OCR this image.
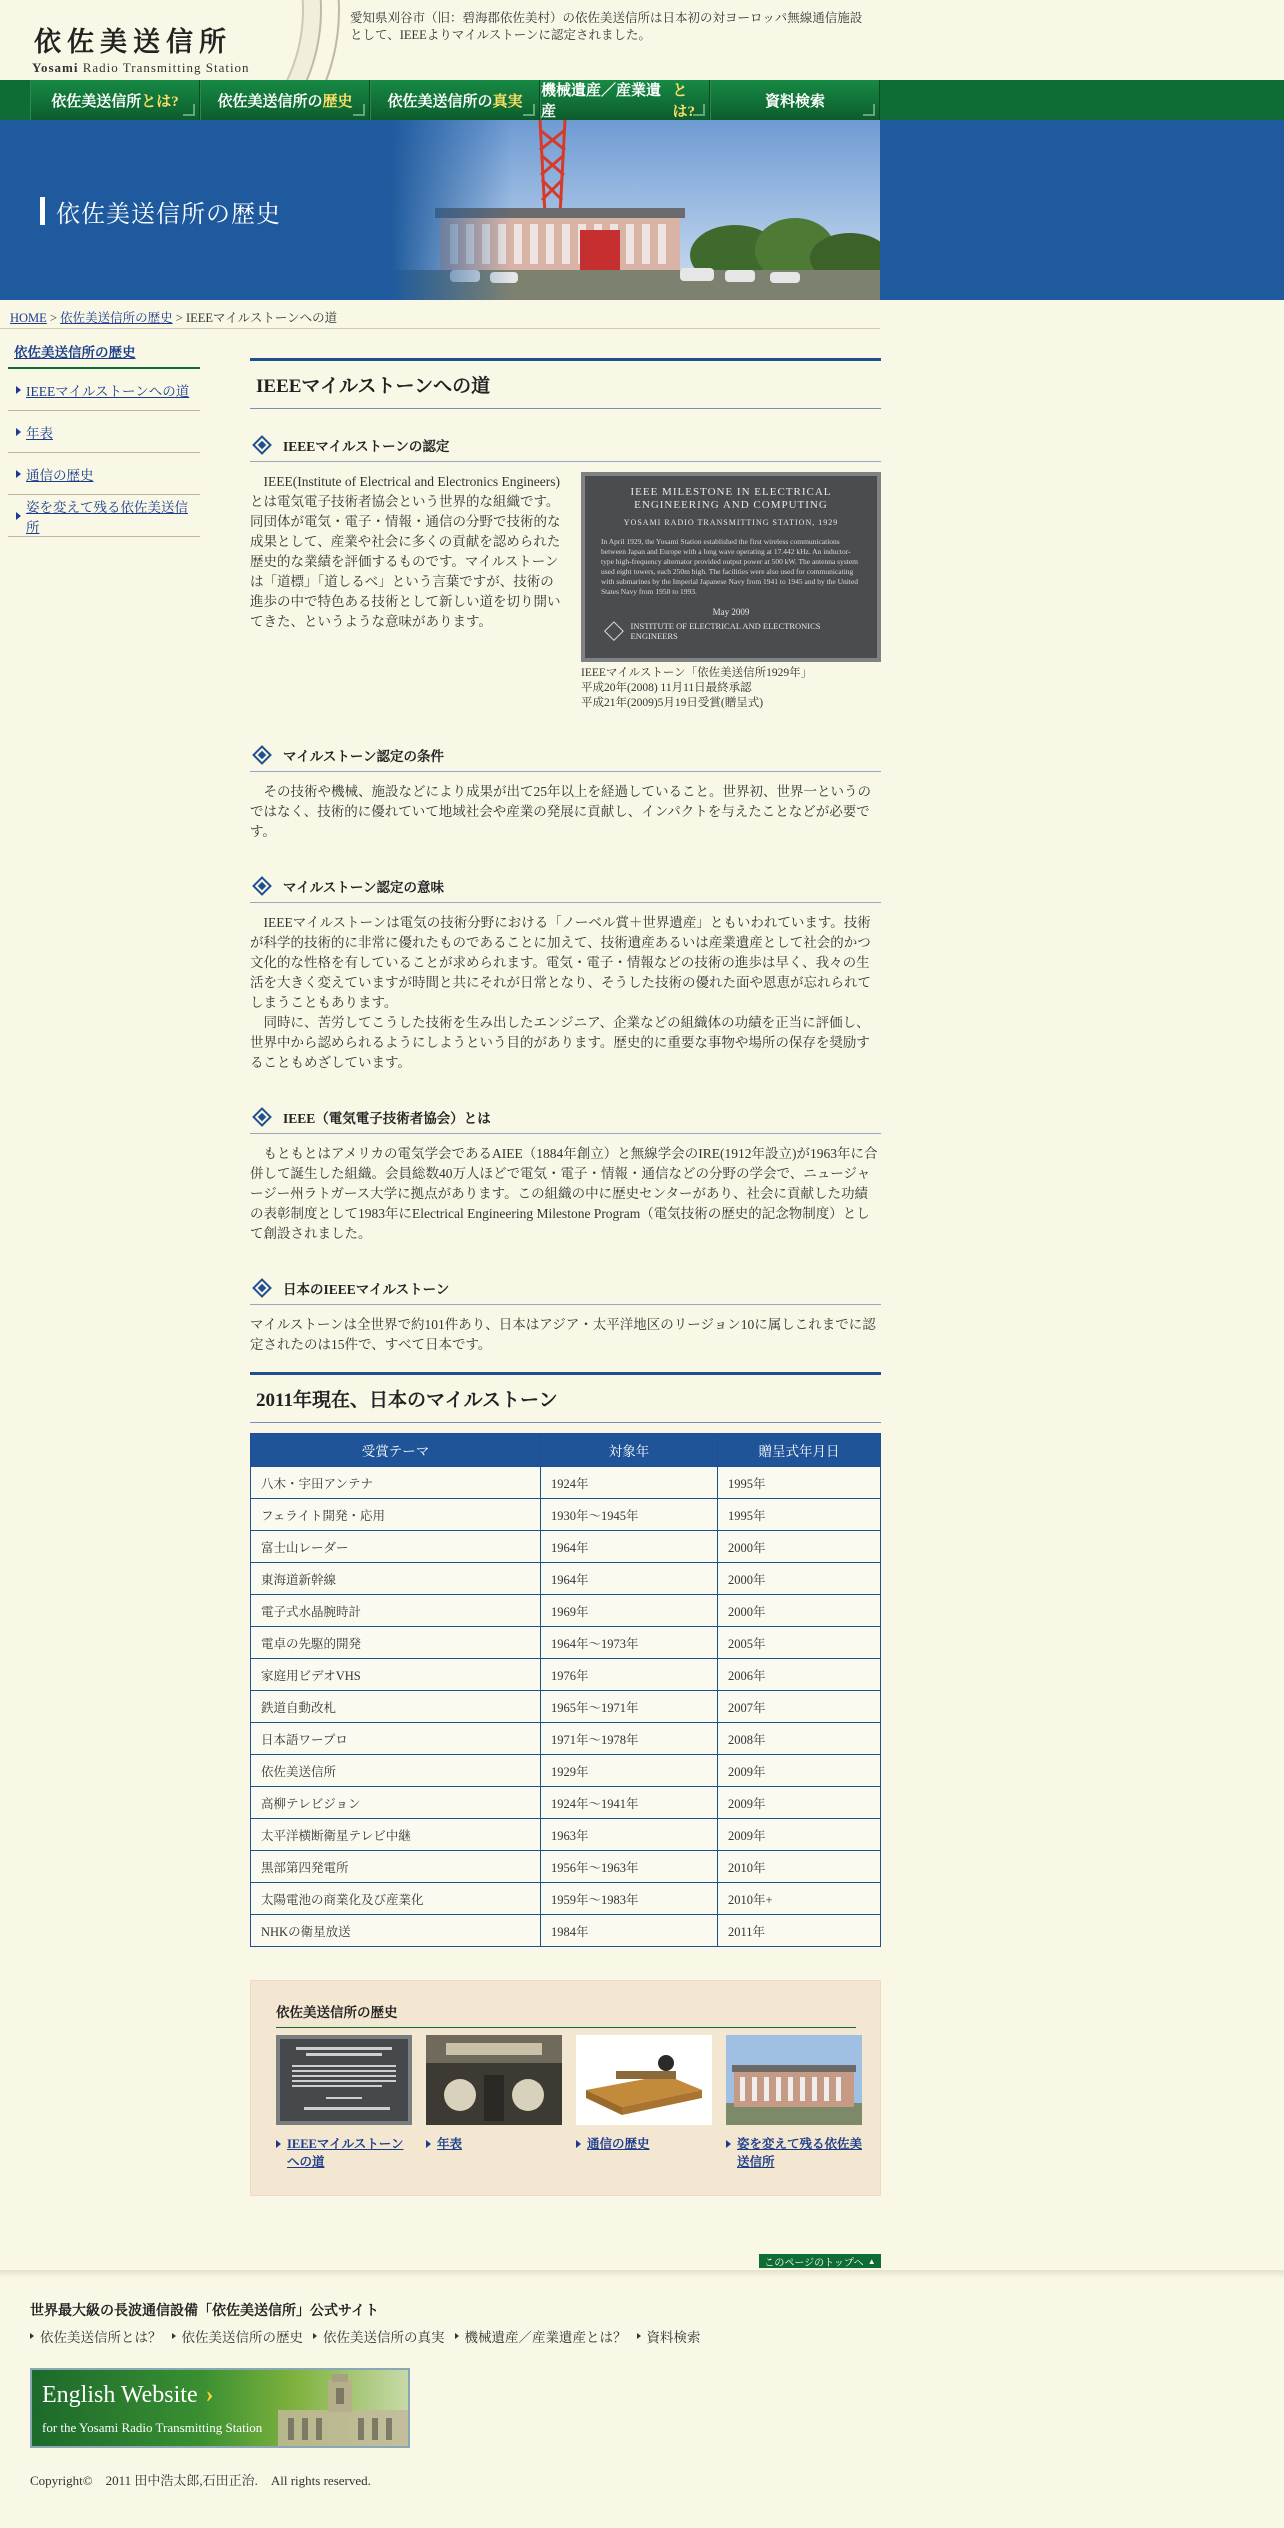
依佐美送信所
Yosami Radio Transmitting Station
愛知県刈谷市（旧：碧海郡依佐美村）の依佐美送信所は日本初の対ヨーロッパ無線通信施設として、IEEEよりマイルストーンに認定されました。
依佐美送信所 とは?	依佐美送信所の 歴史 依佐美送信所の 真実
機械遺産／産業遺産
とは?
資料検索
依佐美送信所の歴史
HOME > 依佐美送信所の歴史 > IEEEマイルストーンへの道
依佐美送信所の歴史
IEEEマイルストーンへの道
年表
通信の歴史
姿を変えて残る依佐美送信所
IEEEマイルストーンへの道
IEEEマイルストーンの認定
IEEE(Institute of Electrical and Electronics Engineers)とは電気電子技術者協会という世界的な組織です。同団体が電気・電子・情報・通信の分野で技術的な成果として、産業や社会に多くの貢献を認められた歴史的な業績を評価するものです。マイルストーンは「道標」「道しるべ」という言葉ですが、技術の進歩の中で特色ある技術として新しい道を切り開いてきた、というような意味があります。
IEEE MILESTONE IN ELECTRICAL ENGINEERING AND COMPUTING
YOSAMI RADIO TRANSMITTING STATION, 1929
In April 1929, the Yosami Station established the first wireless communications between Japan and Europe with a long wave operating at 17.442 kHz. An inductor-type high-frequency alternator provided output power at 500 kW. The antenna system used eight towers, each 250m high. The facilities were also used for communicating with submarines by the Imperial Japanese Navy from 1941 to 1945 and by the United States Navy from 1950 to 1993.
May 2009
INSTITUTE OF ELECTRICAL AND ELECTRONICS ENGINEERS
IEEEマイルストーン「依佐美送信所1929年」
平成20年(2008) 11月11日最終承認
平成21年(2009)5月19日受賞(贈呈式)
マイルストーン認定の条件
その技術や機械、施設などにより成果が出て25年以上を経過していること。世界初、世界一というのではなく、技術的に優れていて地域社会や産業の発展に貢献し、インパクトを与えたことなどが必要です。
マイルストーン認定の意味
IEEEマイルストーンは電気の技術分野における「ノーベル賞＋世界遺産」ともいわれています。技術が科学的技術的に非常に優れたものであることに加えて、技術遺産あるいは産業遺産として社会的かつ文化的な性格を有していることが求められます。電気・電子・情報などの技術の進歩は早く、我々の生活を大きく変えていますが時間と共にそれが日常となり、そうした技術の優れた面や恩恵が忘れられてしまうこともあります。
同時に、苦労してこうした技術を生み出したエンジニア、企業などの組織体の功績を正当に評価し、世界中から認められるようにしようという目的があります。歴史的に重要な事物や場所の保存を奨励することもめざしています。
IEEE（電気電子技術者協会）とは
もともとはアメリカの電気学会であるAIEE（1884年創立）と無線学会のIRE(1912年設立)が1963年に合併して誕生した組織。会員総数40万人ほどで電気・電子・情報・通信などの分野の学会で、ニュージャージー州ラトガース大学に拠点があります。この組織の中に歴史センターがあり、社会に貢献した功績の表彰制度として1983年にElectrical Engineering Milestone Program（電気技術の歴史的記念物制度）として創設されました。
日本のIEEEマイルストーン
マイルストーンは全世界で約101件あり、日本はアジア・太平洋地区のリージョン10に属しこれまでに認定されたのは15件で、すべて日本です。
2011年現在、日本のマイルストーン
受賞テーマ	対象年	贈呈式年月日
八木・宇田アンテナ	1924年	1995年
フェライト開発・応用	1930年～1945年	1995年
富士山レーダー	1964年	2000年
東海道新幹線	1964年	2000年
電子式水晶腕時計	1969年	2000年
電卓の先駆的開発	1964年～1973年	2005年
家庭用ビデオVHS	1976年	2006年
鉄道自動改札	1965年～1971年	2007年
日本語ワープロ	1971年～1978年	2008年
依佐美送信所	1929年	2009年
高柳テレビジョン	1924年～1941年	2009年
太平洋横断衛星テレビ中継	1963年	2009年
黒部第四発電所	1956年～1963年	2010年
太陽電池の商業化及び産業化	1959年～1983年	2010年+
NHKの衛星放送	1984年	2011年
依佐美送信所の歴史
IEEEマイルストーンへの道
年表	通信の歴史	姿を変えて残る依佐美送信所
このページのトップへ ▲
世界最大級の長波通信設備「依佐美送信所」公式サイト
依佐美送信所とは？ 依佐美送信所の歴史 依佐美送信所の真実 機械遺産／産業遺産とは？ 資料検索
English Website ›
for the Yosami Radio Transmitting Station
Copyright©　2011 田中浩太郎,石田正治.　All rights reserved.
